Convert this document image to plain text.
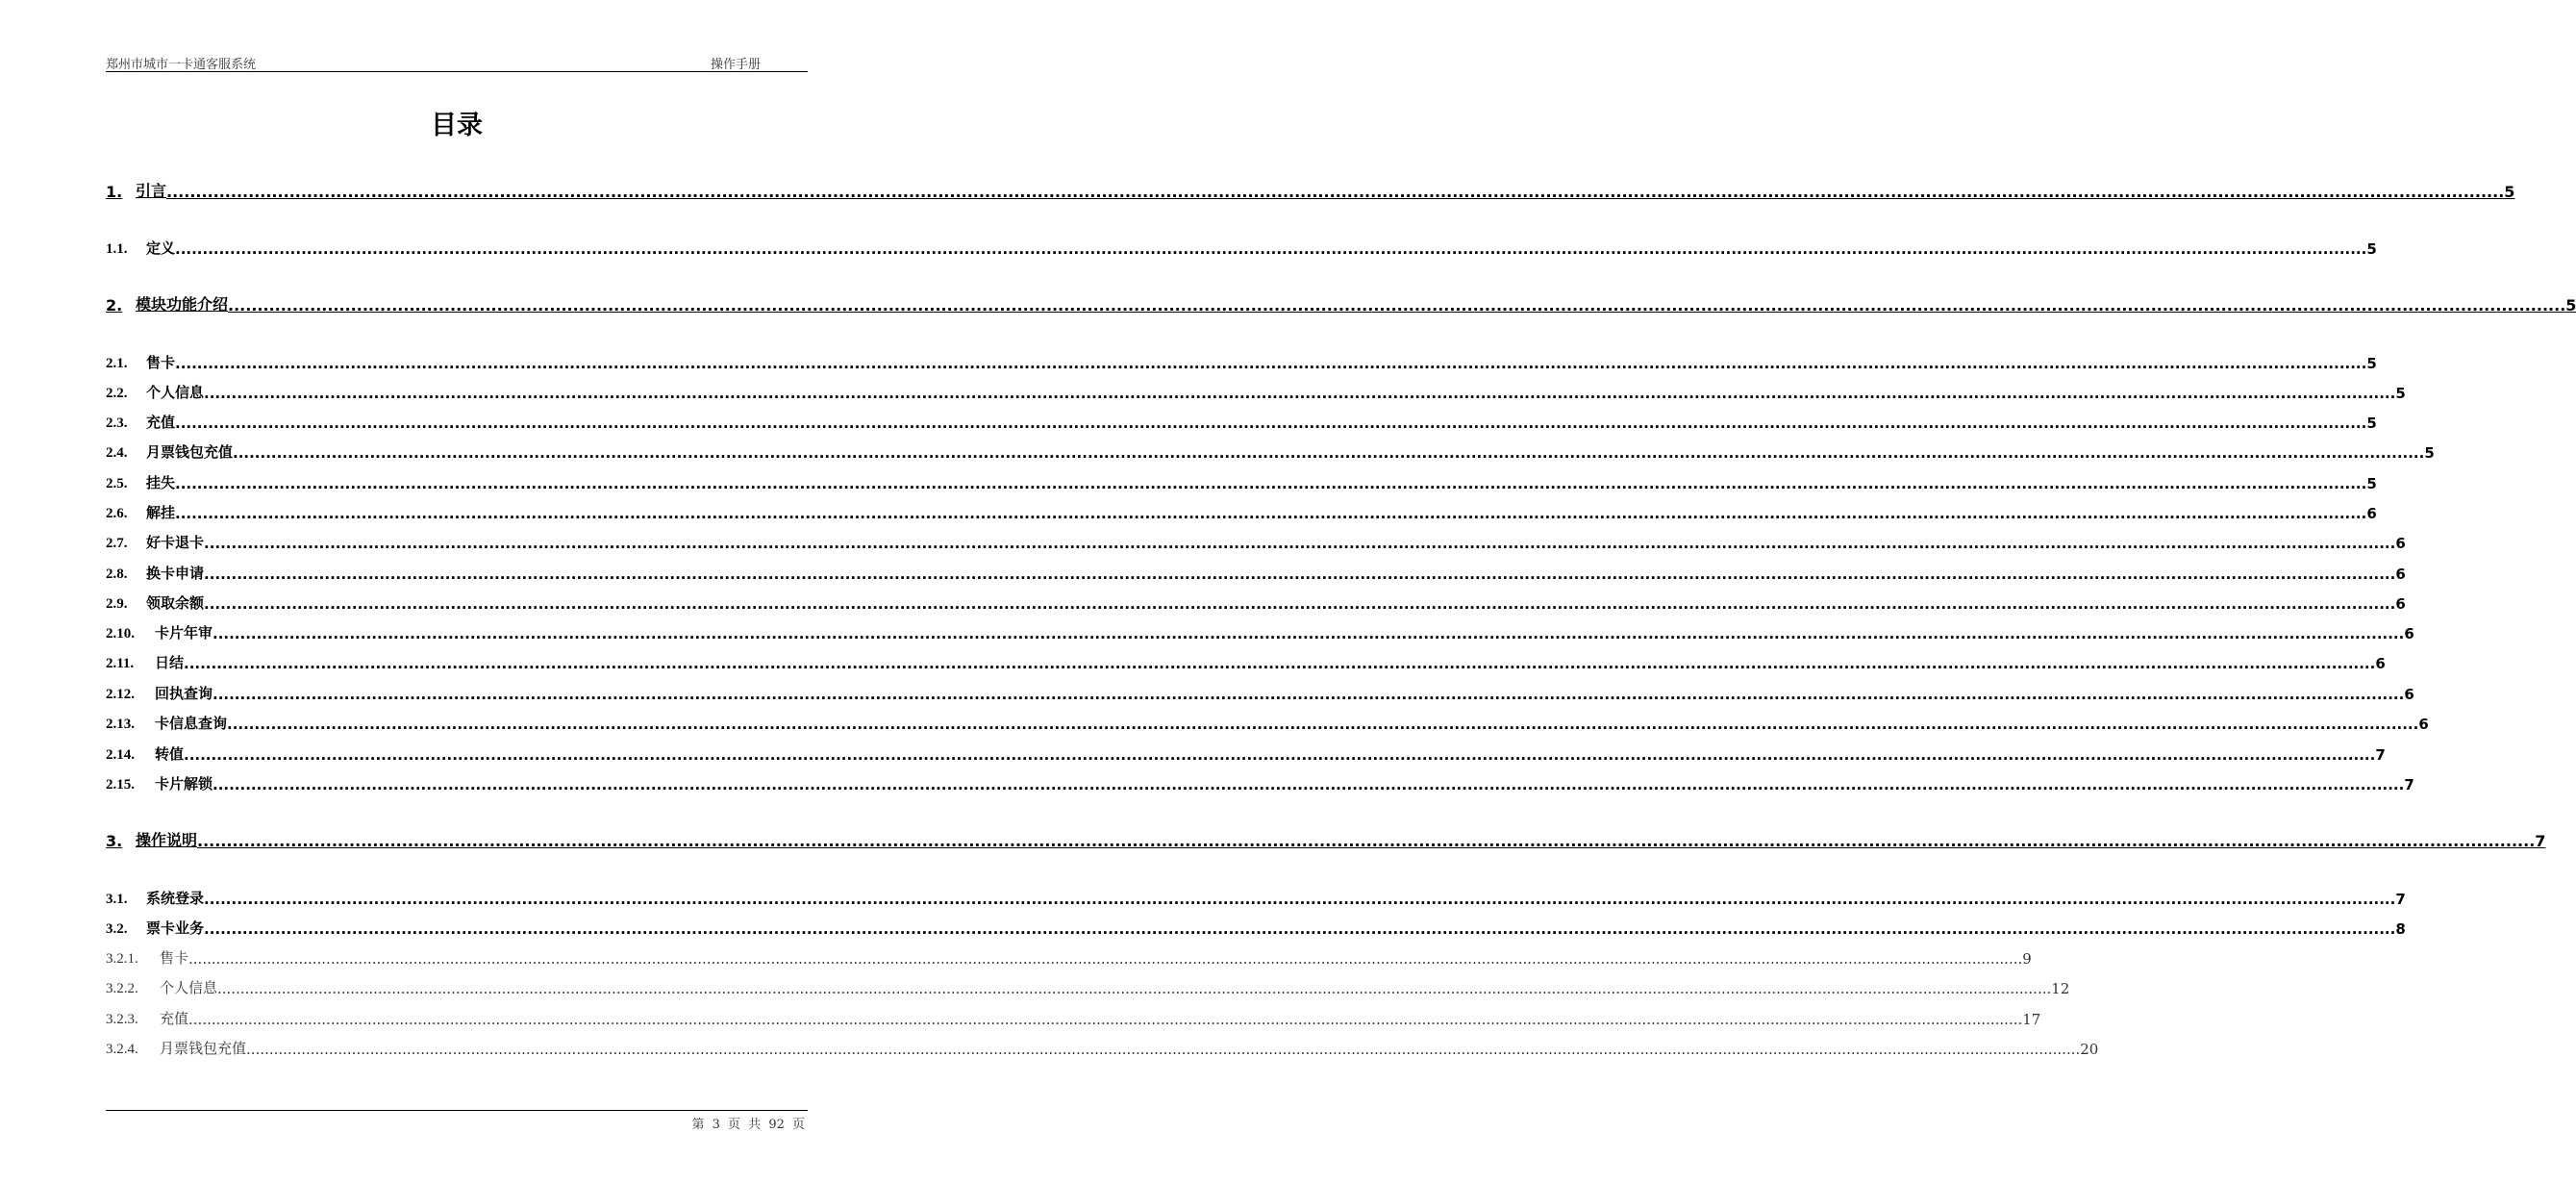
郑州市城市一卡通客服系统	操作手册
目录
1. 引言 ................................................................................................................................................................................................................................................................................................................................................................................................................ 5
1.1.	定义 ................................................................................................................................................................................................................................................................................................................................................................................................................ 5
2. 模块功能介绍 ................................................................................................................................................................................................................................................................................................................................................................................................................ 5
2.1.	售卡 ................................................................................................................................................................................................................................................................................................................................................................................................................ 5
2.2.	个人信息 ................................................................................................................................................................................................................................................................................................................................................................................................................ 5
2.3.	充值 ................................................................................................................................................................................................................................................................................................................................................................................................................ 5
2.4.	月票钱包充值 ................................................................................................................................................................................................................................................................................................................................................................................................................ 5
2.5.	挂失 ................................................................................................................................................................................................................................................................................................................................................................................................................ 5
2.6.	解挂 ................................................................................................................................................................................................................................................................................................................................................................................................................ 6
2.7.	好卡退卡 ................................................................................................................................................................................................................................................................................................................................................................................................................ 6
2.8.	换卡申请 ................................................................................................................................................................................................................................................................................................................................................................................................................ 6
2.9.	领取余额 ................................................................................................................................................................................................................................................................................................................................................................................................................ 6
2.10.	卡片年审 ................................................................................................................................................................................................................................................................................................................................................................................................................ 6
2.11.	日结 ................................................................................................................................................................................................................................................................................................................................................................................................................ 6
2.12.	回执查询 ................................................................................................................................................................................................................................................................................................................................................................................................................ 6
2.13.	卡信息查询 ................................................................................................................................................................................................................................................................................................................................................................................................................ 6
2.14.	转值 ................................................................................................................................................................................................................................................................................................................................................................................................................ 7
2.15.	卡片解锁 ................................................................................................................................................................................................................................................................................................................................................................................................................ 7
3. 操作说明 ................................................................................................................................................................................................................................................................................................................................................................................................................ 7
3.1.	系统登录 ................................................................................................................................................................................................................................................................................................................................................................................................................ 7
3.2.	票卡业务 ................................................................................................................................................................................................................................................................................................................................................................................................................ 8
3.2.1.	售卡 ................................................................................................................................................................................................................................................................................................................................................................................................................ 9
3.2.2.	个人信息 ................................................................................................................................................................................................................................................................................................................................................................................................................ 12
3.2.3.	充值 ................................................................................................................................................................................................................................................................................................................................................................................................................ 17
3.2.4.	月票钱包充值 ................................................................................................................................................................................................................................................................................................................................................................................................................ 20
第 3 页 共 92 页
